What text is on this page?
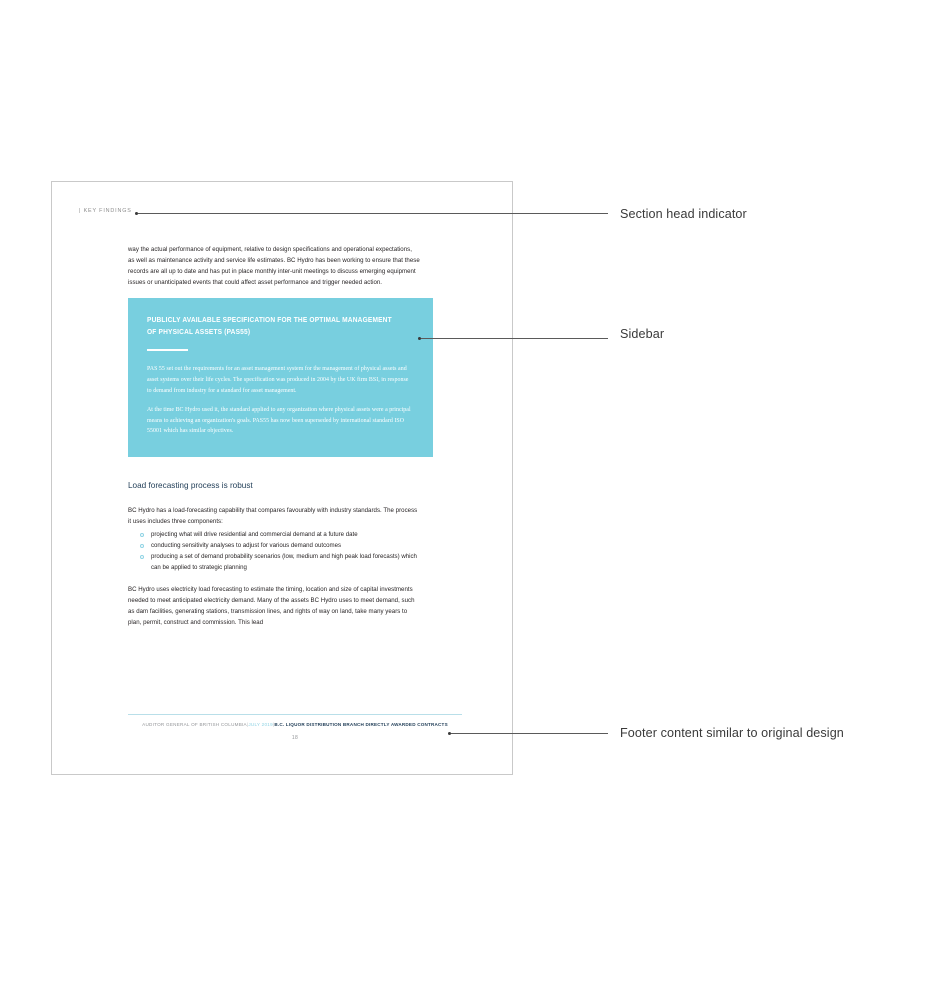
| KEY FINDINGS

way the actual performance of equipment, relative to design specifications and operational expectations, as well as maintenance activity and service life estimates. BC Hydro has been working to ensure that these records are all up to date and has put in place monthly inter-unit meetings to discuss emerging equipment issues or unanticipated events that could affect asset performance and trigger needed action.

PUBLICLY AVAILABLE SPECIFICATION FOR THE OPTIMAL MANAGEMENT OF PHYSICAL ASSETS (PAS55)

PAS 55 set out the requirements for an asset management system for the management of physical assets and asset systems over their life cycles. The specification was produced in 2004 by the UK firm BSI, in response to demand from industry for a standard for asset management.

At the time BC Hydro used it, the standard applied to any organization where physical assets were a principal means to achieving an organization's goals. PAS55 has now been superseded by international standard ISO 55001 which has similar objectives.

Load forecasting process is robust

BC Hydro has a load-forecasting capability that compares favourably with industry standards. The process it uses includes three components:

projecting what will drive residential and commercial demand at a future date
conducting sensitivity analyses to adjust for various demand outcomes
producing a set of demand probability scenarios (low, medium and high peak load forecasts) which can be applied to strategic planning

BC Hydro uses electricity load forecasting to estimate the timing, location and size of capital investments needed to meet anticipated electricity demand. Many of the assets BC Hydro uses to meet demand, such as dam facilities, generating stations, transmission lines, and rights of way on land, take many years to plan, permit, construct and commission. This lead

AUDITOR GENERAL OF BRITISH COLUMBIA|JULY 2019|B.C. LIQUOR DISTRIBUTION BRANCH DIRECTLY AWARDED CONTRACTS
18
Section head indicator
Sidebar
Footer content similar to original design
